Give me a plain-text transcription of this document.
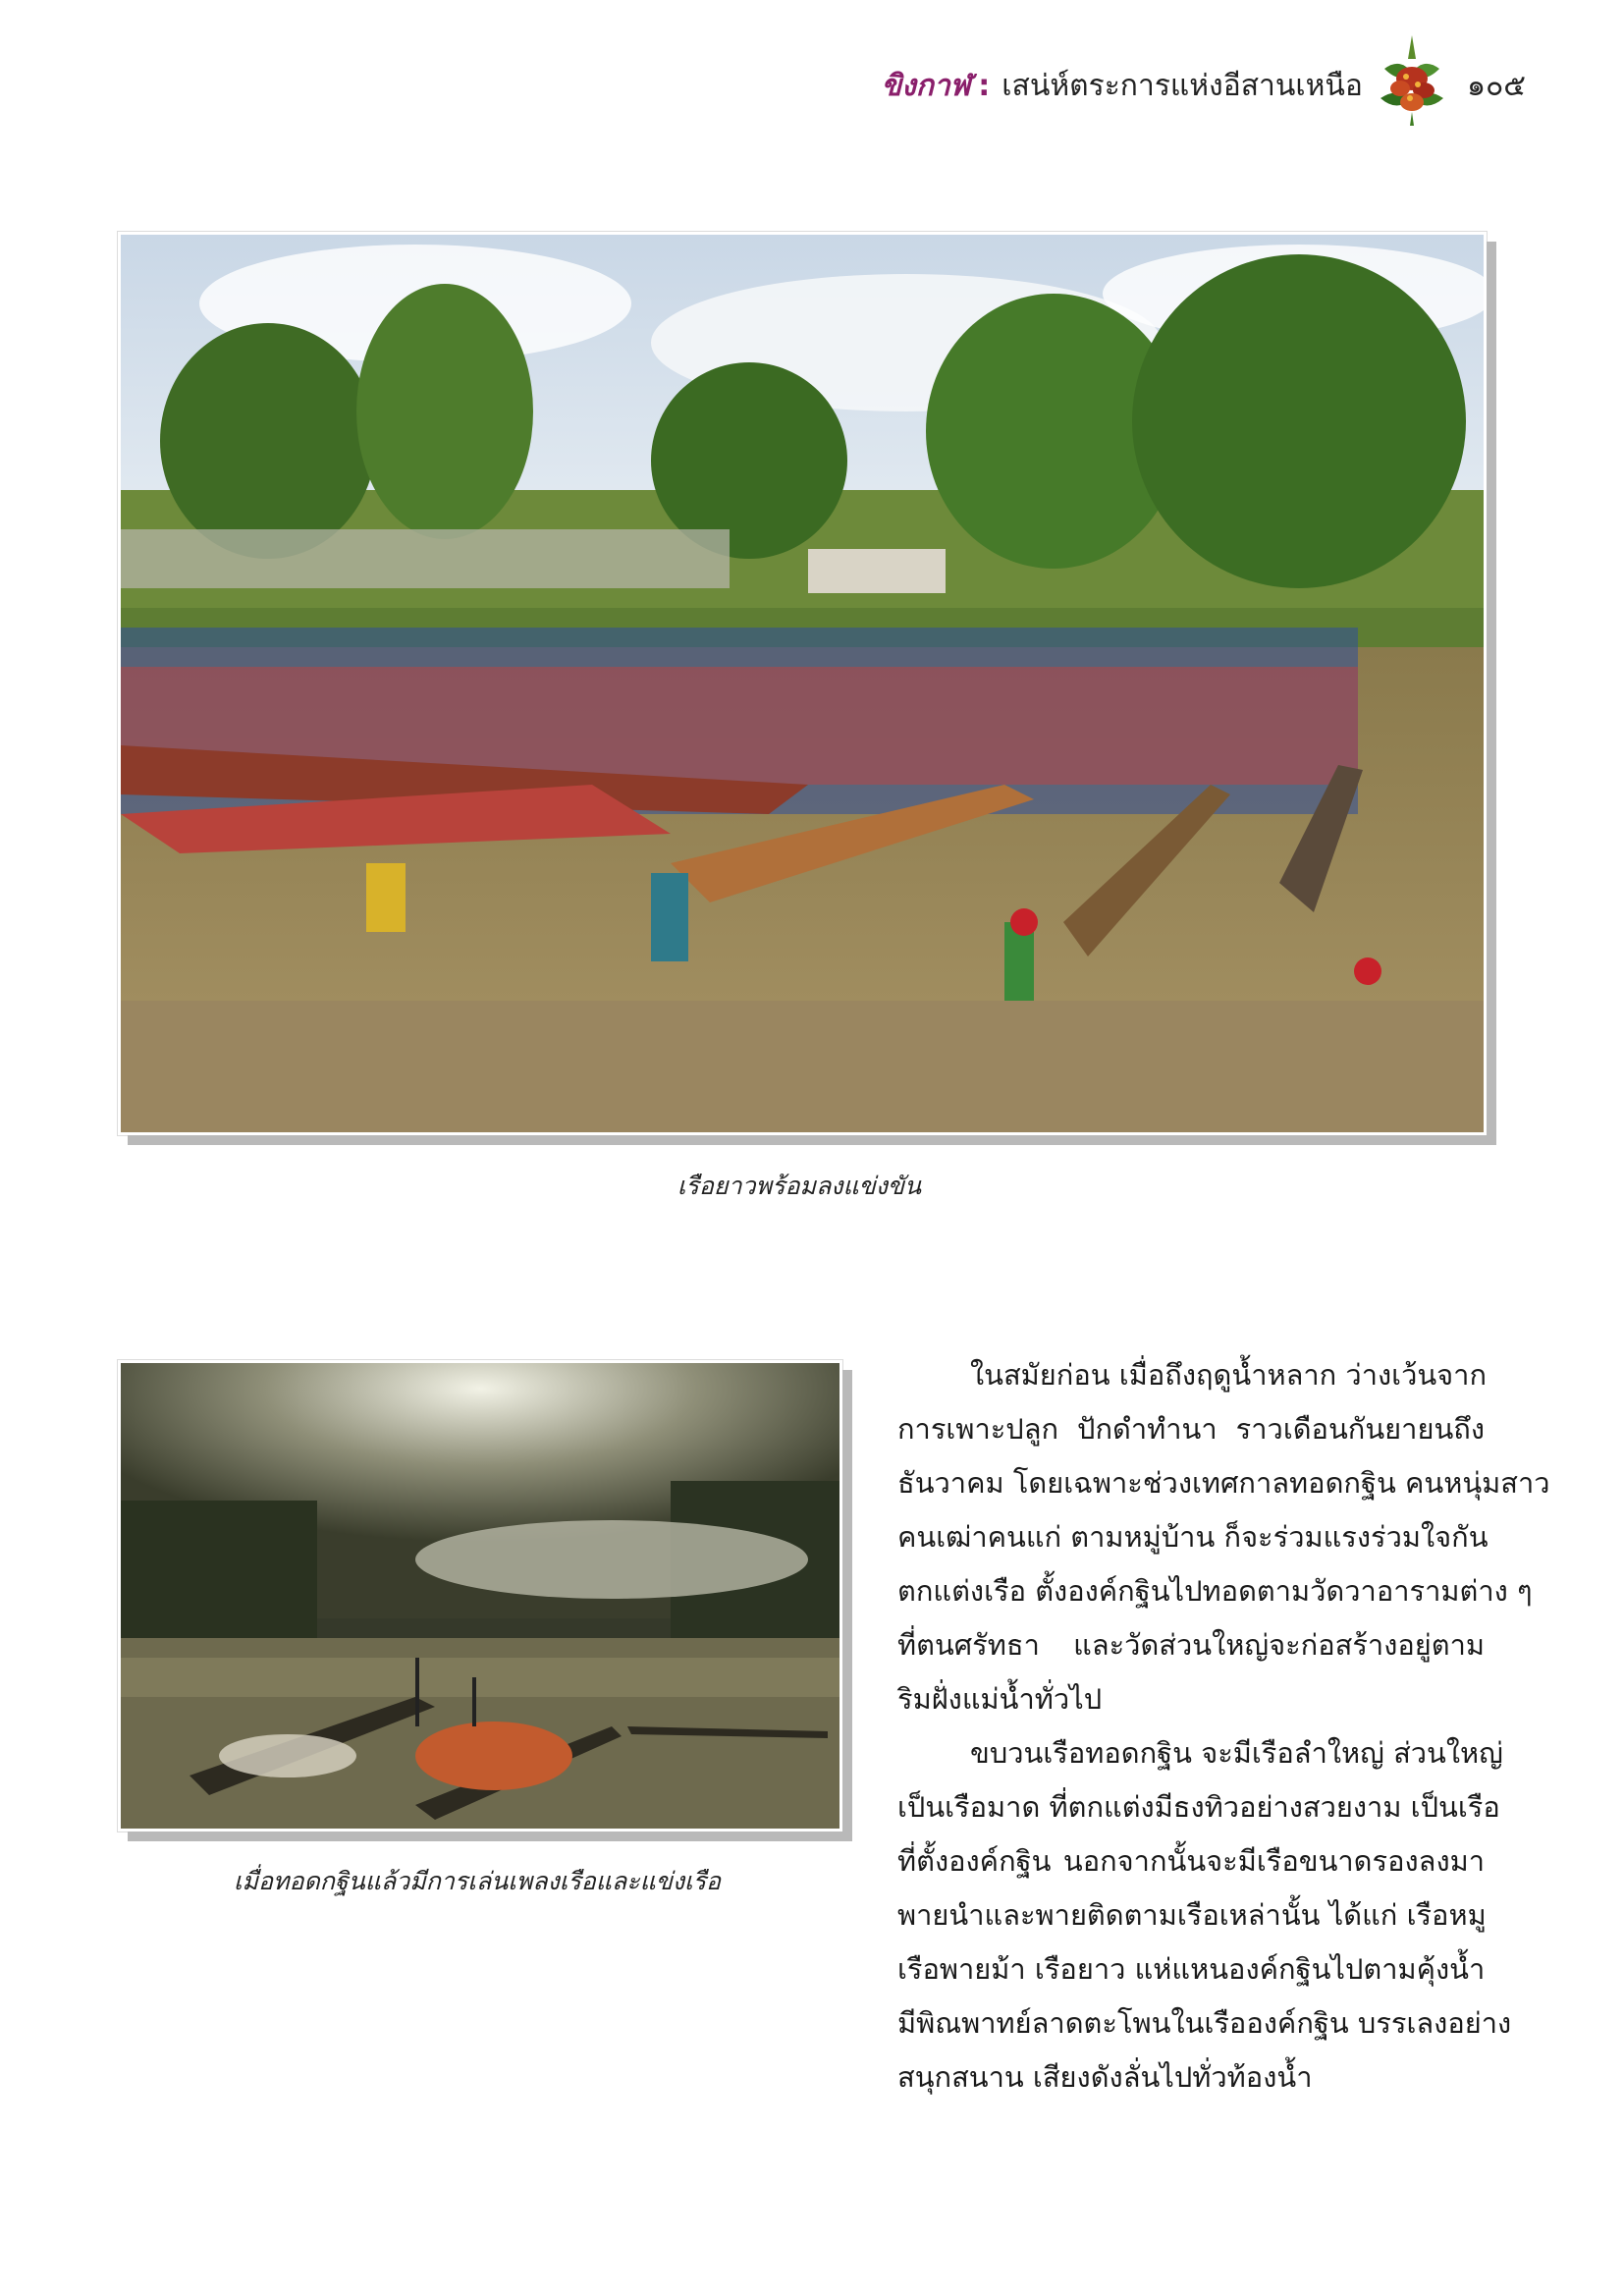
ขิงกาฬ : เสน่ห์ตระการแห่งอีสานเหนือ	๑๐๕
เรือยาวพร้อมลงแข่งขัน
เมื่อทอดกฐินแล้วมีการเล่นเพลงเรือและแข่งเรือ
ในสมัยก่อน เมื่อถึงฤดูน้ำหลาก ว่างเว้นจาก
การเพาะปลูก ปักดำทำนา ราวเดือนกันยายนถึง
ธันวาคม โดยเฉพาะช่วงเทศกาลทอดกฐิน คนหนุ่มสาว
คนเฒ่าคนแก่ ตามหมู่บ้าน ก็จะร่วมแรงร่วมใจกัน
ตกแต่งเรือ ตั้งองค์กฐินไปทอดตามวัดวาอารามต่าง ๆ
ที่ตนศรัทธา และวัดส่วนใหญ่จะก่อสร้างอยู่ตาม
ริมฝั่งแม่น้ำทั่วไป
ขบวนเรือทอดกฐิน จะมีเรือลำใหญ่ ส่วนใหญ่
เป็นเรือมาด ที่ตกแต่งมีธงทิวอย่างสวยงาม เป็นเรือ
ที่ตั้งองค์กฐิน นอกจากนั้นจะมีเรือขนาดรองลงมา
พายนำและพายติดตามเรือเหล่านั้น ได้แก่ เรือหมู
เรือพายม้า เรือยาว แห่แหนองค์กฐินไปตามคุ้งน้ำ
มีพิณพาทย์ลาดตะโพนในเรือองค์กฐิน บรรเลงอย่าง
สนุกสนาน เสียงดังลั่นไปทั่วท้องน้ำ
